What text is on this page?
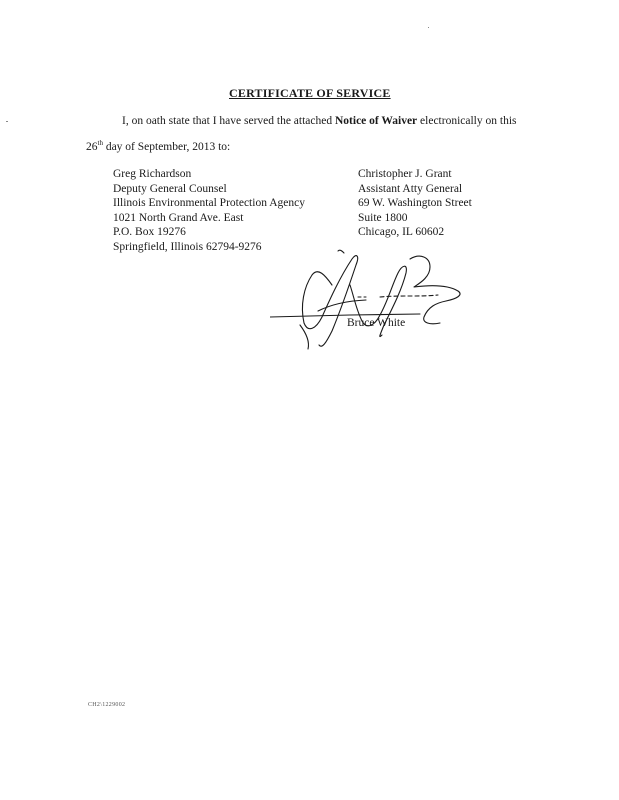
CERTIFICATE OF SERVICE
I, on oath state that I have served the attached Notice of Waiver electronically on this 26th day of September, 2013 to:
Greg Richardson
Deputy General Counsel
Illinois Environmental Protection Agency
1021 North Grand Ave. East
P.O. Box 19276
Springfield, Illinois 62794-9276
Christopher J. Grant
Assistant Atty General
69 W. Washington Street
Suite 1800
Chicago, IL 60602
Bruce White
CH2\1229002
